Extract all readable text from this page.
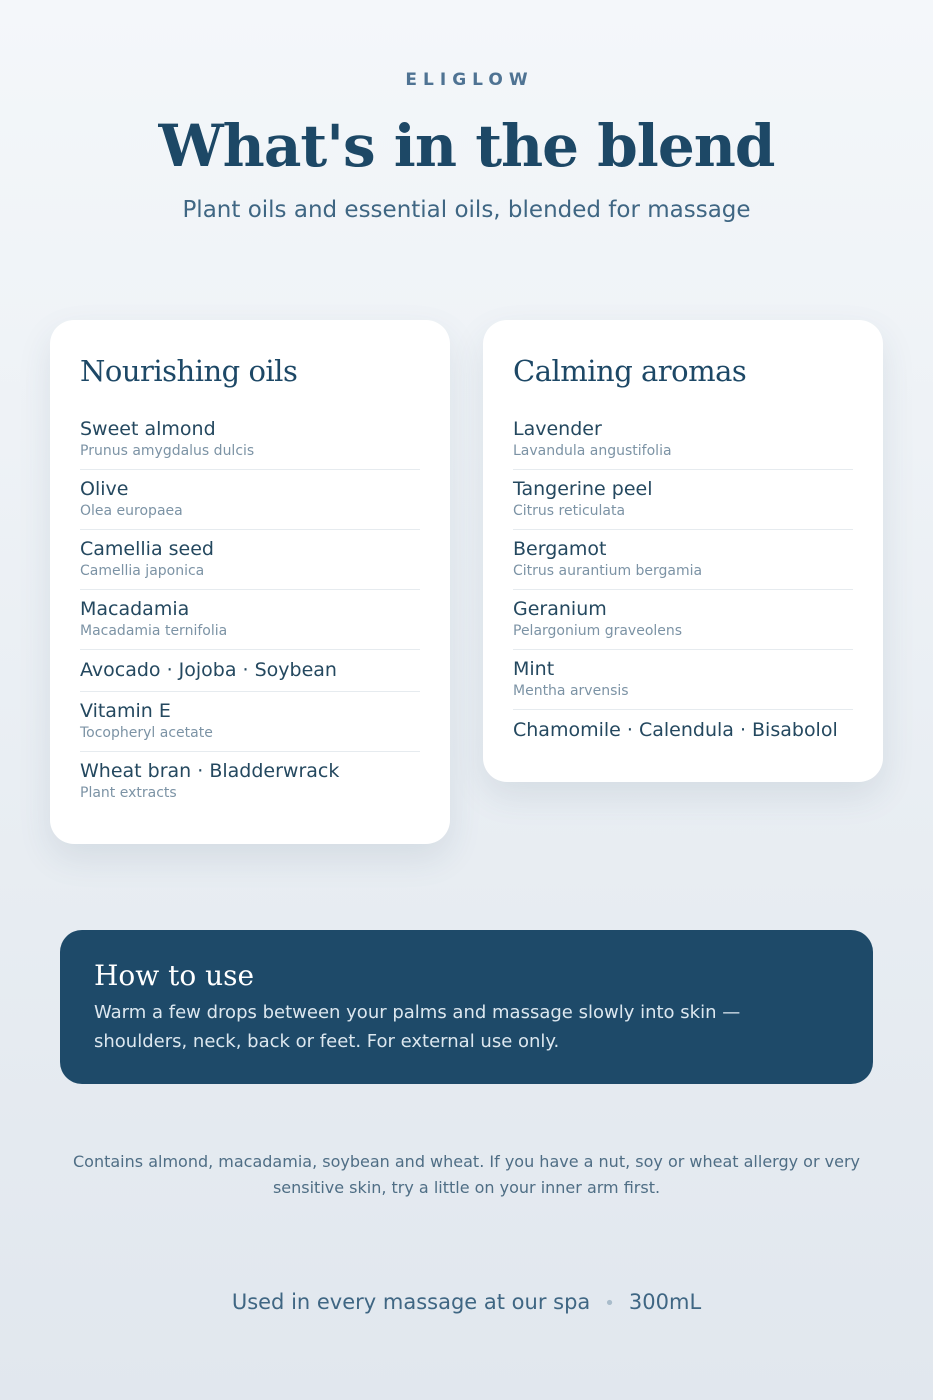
ELIGLOW
What's in the blend
Plant oils and essential oils, blended for massage
Nourishing oils
Sweet almond
Prunus amygdalus dulcis
Olive
Olea europaea
Camellia seed
Camellia japonica
Macadamia
Macadamia ternifolia
Avocado · Jojoba · Soybean
Vitamin E
Tocopheryl acetate
Wheat bran · Bladderwrack
Plant extracts
Calming aromas
Lavender
Lavandula angustifolia
Tangerine peel
Citrus reticulata
Bergamot
Citrus aurantium bergamia
Geranium
Pelargonium graveolens
Mint
Mentha arvensis
Chamomile · Calendula · Bisabolol
How to use

Warm a few drops between your palms and massage slowly into skin — shoulders, neck, back or feet. For external use only.

Contains almond, macadamia, soybean and wheat. If you have a nut, soy or wheat allergy or very sensitive skin, try a little on your inner arm first.

Used in every massage at our spa • 300mL
